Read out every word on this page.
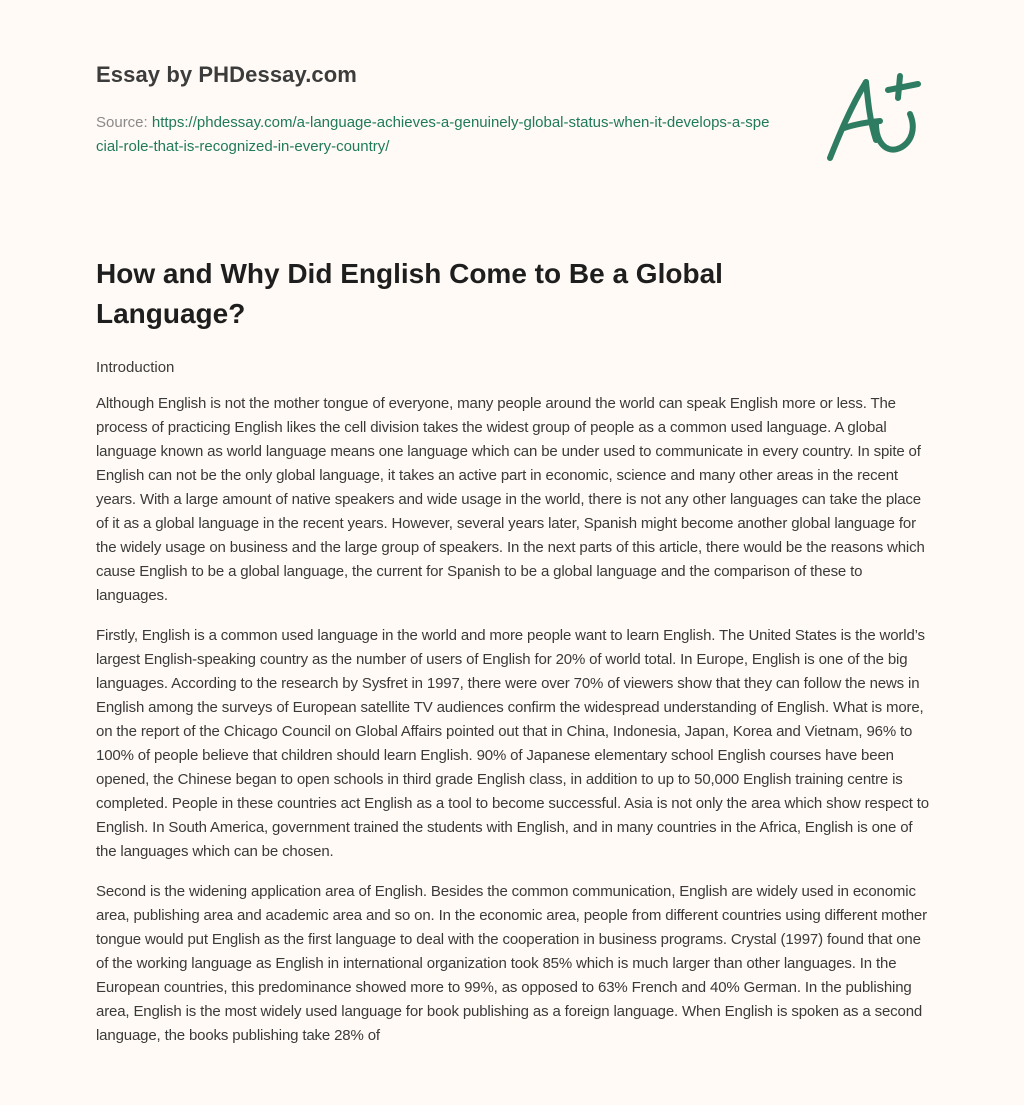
Essay by PHDessay.com
Source: https://phdessay.com/a-language-achieves-a-genuinely-global-status-when-it-develops-a-special-role-that-is-recognized-in-every-country/
How and Why Did English Come to Be a Global Language?

Introduction

Although English is not the mother tongue of everyone, many people around the world can speak English more or less. The process of practicing English likes the cell division takes the widest group of people as a common used language. A global language known as world language means one language which can be under used to communicate in every country. In spite of English can not be the only global language, it takes an active part in economic, science and many other areas in the recent years. With a large amount of native speakers and wide usage in the world, there is not any other languages can take the place of it as a global language in the recent years. However, several years later, Spanish might become another global language for the widely usage on business and the large group of speakers. In the next parts of this article, there would be the reasons which cause English to be a global language, the current for Spanish to be a global language and the comparison of these to languages.

Firstly, English is a common used language in the world and more people want to learn English. The United States is the world’s largest English-speaking country as the number of users of English for 20% of world total. In Europe, English is one of the big languages. According to the research by Sysfret in 1997, there were over 70% of viewers show that they can follow the news in English among the surveys of European satellite TV audiences confirm the widespread understanding of English. What is more, on the report of the Chicago Council on Global Affairs pointed out that in China, Indonesia, Japan, Korea and Vietnam, 96% to 100% of people believe that children should learn English. 90% of Japanese elementary school English courses have been opened, the Chinese began to open schools in third grade English class, in addition to up to 50,000 English training centre is completed. People in these countries act English as a tool to become successful. Asia is not only the area which show respect to English. In South America, government trained the students with English, and in many countries in the Africa, English is one of the languages which can be chosen.

Second is the widening application area of English. Besides the common communication, English are widely used in economic area, publishing area and academic area and so on. In the economic area, people from different countries using different mother tongue would put English as the first language to deal with the cooperation in business programs. Crystal (1997) found that one of the working language as English in international organization took 85% which is much larger than other languages. In the European countries, this predominance showed more to 99%, as opposed to 63% French and 40% German. In the publishing area, English is the most widely used language for book publishing as a foreign language. When English is spoken as a second language, the books publishing take 28% of
